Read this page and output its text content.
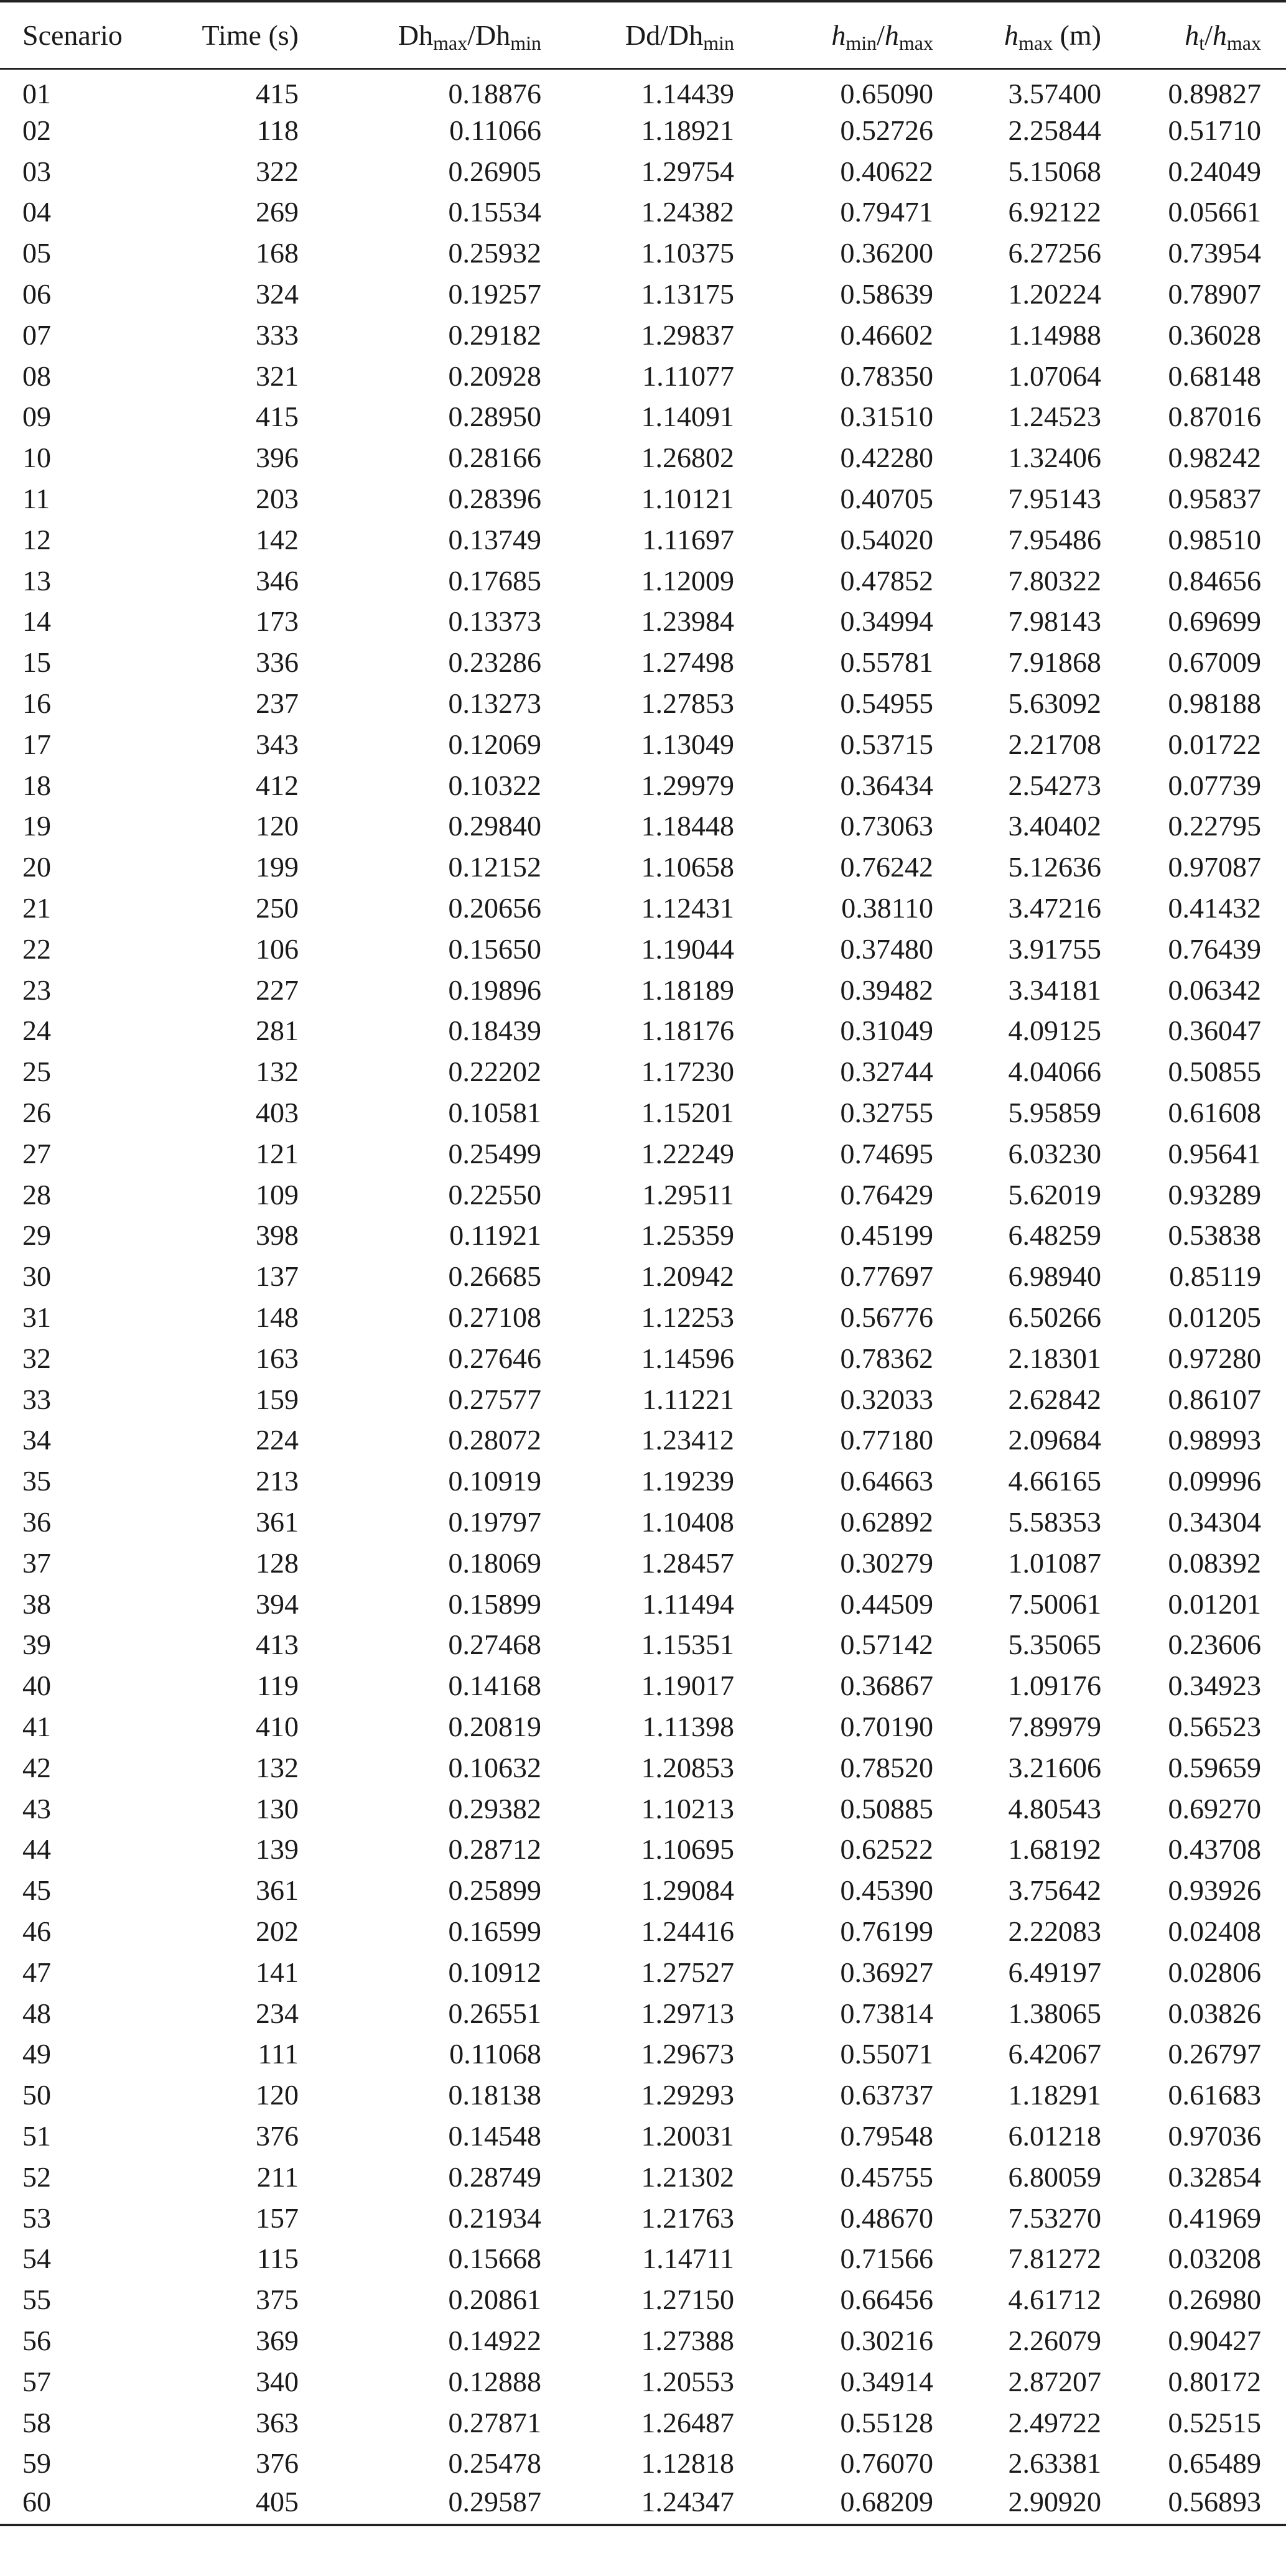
Scenario	Time (s)	$Dh_{max}/Dh_{min}$	$Dd/Dh_{min}$	$h_{min}/h_{max}$	$h_{max}$ (m)	$h_t/h_{max}$
01	415	0.18876	1.14439	0.65090	3.57400	0.89827
02	118	0.11066	1.18921	0.52726	2.25844	0.51710
03	322	0.26905	1.29754	0.40622	5.15068	0.24049
04	269	0.15534	1.24382	0.79471	6.92122	0.05661
05	168	0.25932	1.10375	0.36200	6.27256	0.73954
06	324	0.19257	1.13175	0.58639	1.20224	0.78907
07	333	0.29182	1.29837	0.46602	1.14988	0.36028
08	321	0.20928	1.11077	0.78350	1.07064	0.68148
09	415	0.28950	1.14091	0.31510	1.24523	0.87016
10	396	0.28166	1.26802	0.42280	1.32406	0.98242
11	203	0.28396	1.10121	0.40705	7.95143	0.95837
12	142	0.13749	1.11697	0.54020	7.95486	0.98510
13	346	0.17685	1.12009	0.47852	7.80322	0.84656
14	173	0.13373	1.23984	0.34994	7.98143	0.69699
15	336	0.23286	1.27498	0.55781	7.91868	0.67009
16	237	0.13273	1.27853	0.54955	5.63092	0.98188
17	343	0.12069	1.13049	0.53715	2.21708	0.01722
18	412	0.10322	1.29979	0.36434	2.54273	0.07739
19	120	0.29840	1.18448	0.73063	3.40402	0.22795
20	199	0.12152	1.10658	0.76242	5.12636	0.97087
21	250	0.20656	1.12431	0.38110	3.47216	0.41432
22	106	0.15650	1.19044	0.37480	3.91755	0.76439
23	227	0.19896	1.18189	0.39482	3.34181	0.06342
24	281	0.18439	1.18176	0.31049	4.09125	0.36047
25	132	0.22202	1.17230	0.32744	4.04066	0.50855
26	403	0.10581	1.15201	0.32755	5.95859	0.61608
27	121	0.25499	1.22249	0.74695	6.03230	0.95641
28	109	0.22550	1.29511	0.76429	5.62019	0.93289
29	398	0.11921	1.25359	0.45199	6.48259	0.53838
30	137	0.26685	1.20942	0.77697	6.98940	0.85119
31	148	0.27108	1.12253	0.56776	6.50266	0.01205
32	163	0.27646	1.14596	0.78362	2.18301	0.97280
33	159	0.27577	1.11221	0.32033	2.62842	0.86107
34	224	0.28072	1.23412	0.77180	2.09684	0.98993
35	213	0.10919	1.19239	0.64663	4.66165	0.09996
36	361	0.19797	1.10408	0.62892	5.58353	0.34304
37	128	0.18069	1.28457	0.30279	1.01087	0.08392
38	394	0.15899	1.11494	0.44509	7.50061	0.01201
39	413	0.27468	1.15351	0.57142	5.35065	0.23606
40	119	0.14168	1.19017	0.36867	1.09176	0.34923
41	410	0.20819	1.11398	0.70190	7.89979	0.56523
42	132	0.10632	1.20853	0.78520	3.21606	0.59659
43	130	0.29382	1.10213	0.50885	4.80543	0.69270
44	139	0.28712	1.10695	0.62522	1.68192	0.43708
45	361	0.25899	1.29084	0.45390	3.75642	0.93926
46	202	0.16599	1.24416	0.76199	2.22083	0.02408
47	141	0.10912	1.27527	0.36927	6.49197	0.02806
48	234	0.26551	1.29713	0.73814	1.38065	0.03826
49	111	0.11068	1.29673	0.55071	6.42067	0.26797
50	120	0.18138	1.29293	0.63737	1.18291	0.61683
51	376	0.14548	1.20031	0.79548	6.01218	0.97036
52	211	0.28749	1.21302	0.45755	6.80059	0.32854
53	157	0.21934	1.21763	0.48670	7.53270	0.41969
54	115	0.15668	1.14711	0.71566	7.81272	0.03208
55	375	0.20861	1.27150	0.66456	4.61712	0.26980
56	369	0.14922	1.27388	0.30216	2.26079	0.90427
57	340	0.12888	1.20553	0.34914	2.87207	0.80172
58	363	0.27871	1.26487	0.55128	2.49722	0.52515
59	376	0.25478	1.12818	0.76070	2.63381	0.65489
60	405	0.29587	1.24347	0.68209	2.90920	0.56893
